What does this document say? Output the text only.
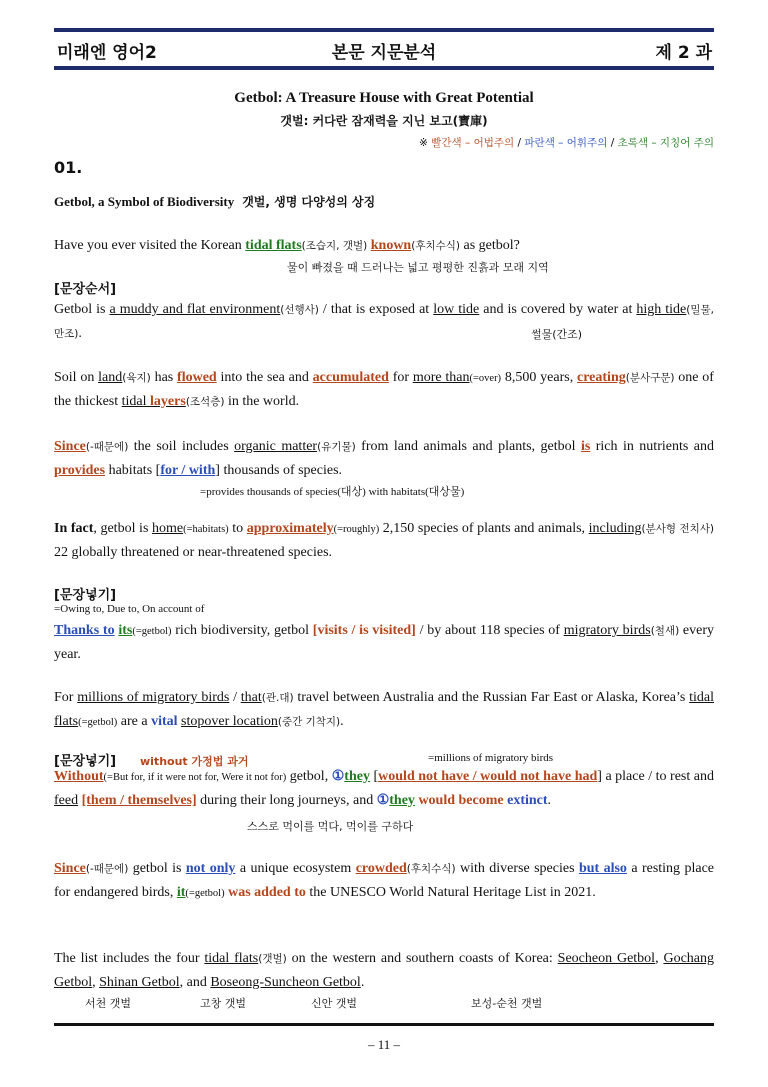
미래엔 영어2	본문 지문분석	제 2 과
Getbol: A Treasure House with Great Potential
갯벌: 커다란 잠재력을 지닌 보고(寶庫)
※ 빨간색 – 어법주의 / 파란색 – 어휘주의 / 초록색 – 지칭어 주의
01.
Getbol, a Symbol of Biodiversity 갯벌, 생명 다양성의 상징
Have you ever visited the Korean tidal flats(조습지, 갯벌) known(후치수식) as getbol?
물이 빠졌을 때 드러나는 넓고 평평한 진흙과 모래 지역
[문장순서]
Getbol is a muddy and flat environment(선행사) / that is exposed at low tide and is covered by water at high tide(밀물, 만조).	썰물(간조)
Soil on land(육지) has flowed into the sea and accumulated for more than(=over) 8,500 years, creating(분사구문) one of the thickest tidal layers(조석층) in the world.
Since(-때문에) the soil includes organic matter(유기물) from land animals and plants, getbol is rich in nutrients and provides habitats [for / with] thousands of species.
=provides thousands of species(대상) with habitats(대상물)
In fact, getbol is home(=habitats) to approximately(=roughly) 2,150 species of plants and animals, including(분사형 전치사) 22 globally threatened or near-threatened species.
[문장넣기]
=Owing to, Due to, On account of
Thanks to its(=getbol) rich biodiversity, getbol [visits / is visited] / by about 118 species of migratory birds(철새) every year.
For millions of migratory birds / that(관.대) travel between Australia and the Russian Far East or Alaska, Korea’s tidal flats(=getbol) are a vital stopover location(중간 기착지).
[문장넣기] without 가정법 과거	=millions of migratory birds
Without(=But for, if it were not for, Were it not for) getbol, ①they [would not have / would not have had] a place / to rest and feed [them / themselves] during their long journeys, and ①they would become extinct.
스스로 먹이를 먹다, 먹이를 구하다
Since(-때문에) getbol is not only a unique ecosystem crowded(후치수식) with diverse species but also a resting place for endangered birds, it(=getbol) was added to the UNESCO World Natural Heritage List in 2021.
The list includes the four tidal flats(갯벌) on the western and southern coasts of Korea: Seocheon Getbol, Gochang Getbol, Shinan Getbol, and Boseong-Suncheon Getbol.
서천 갯벌	고창 갯벌	신안 갯벌	보성-순천 갯벌
– 11 –
